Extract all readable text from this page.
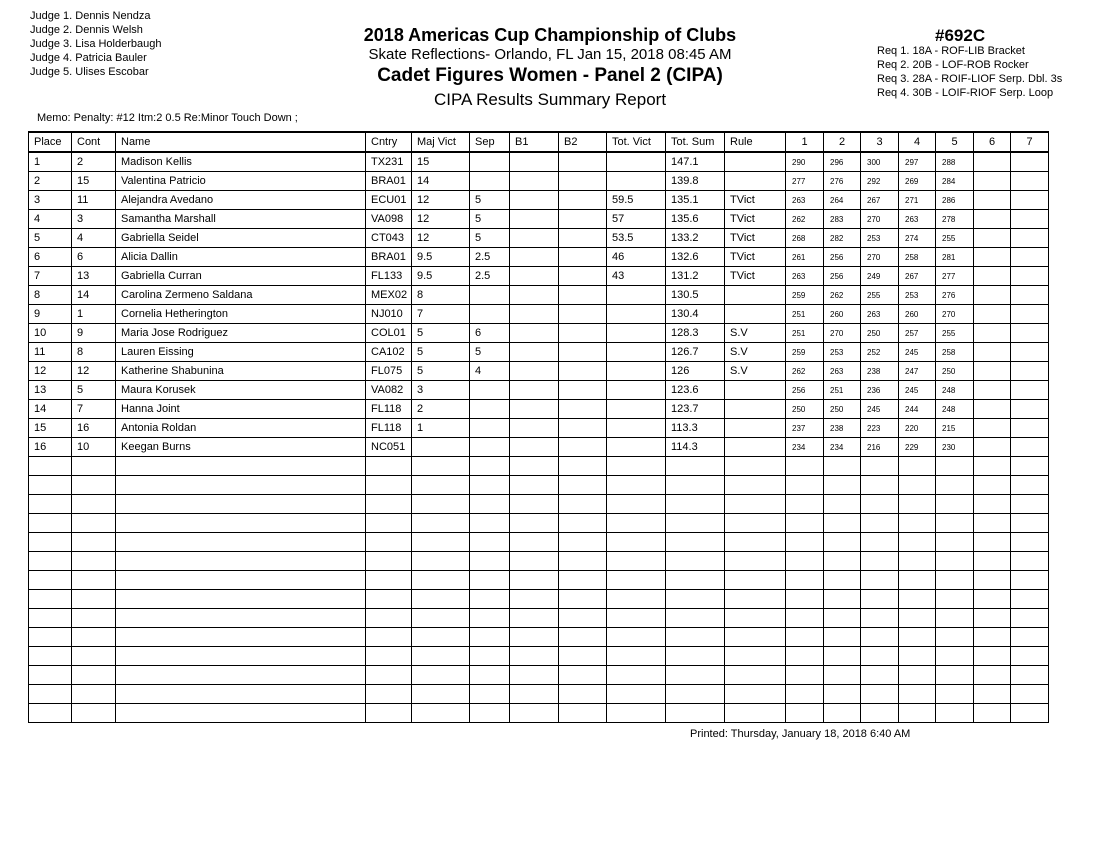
Judge 1. Dennis Nendza
Judge 2. Dennis Welsh
Judge 3. Lisa Holderbaugh
Judge 4. Patricia Bauler
Judge 5. Ulises Escobar
2018 Americas Cup Championship of Clubs
Skate Reflections- Orlando, FL Jan 15, 2018 08:45 AM
Cadet Figures Women - Panel 2 (CIPA)
CIPA Results Summary Report
#692C
Req 1. 18A - ROF-LIB Bracket
Req 2. 20B - LOF-ROB Rocker
Req 3. 28A - ROIF-LIOF Serp. Dbl. 3s
Req 4. 30B - LOIF-RIOF Serp. Loop
Memo: Penalty: #12 Itm:2 0.5 Re:Minor Touch Down ;
Place	Cont	Name	Cntry	Maj Vict	Sep	B1	B2	Tot. Vict	Tot. Sum	Rule	1	2	3	4	5	6	7
1	2	Madison Kellis	TX231	15					147.1		290	296	300	297	288		
2	15	Valentina Patricio	BRA01	14					139.8		277	276	292	269	284		
3	11	Alejandra Avedano	ECU01	12	5			59.5	135.1	TVict	263	264	267	271	286		
4	3	Samantha Marshall	VA098	12	5			57	135.6	TVict	262	283	270	263	278		
5	4	Gabriella Seidel	CT043	12	5			53.5	133.2	TVict	268	282	253	274	255		
6	6	Alicia Dallin	BRA01	9.5	2.5			46	132.6	TVict	261	256	270	258	281		
7	13	Gabriella Curran	FL133	9.5	2.5			43	131.2	TVict	263	256	249	267	277		
8	14	Carolina Zermeno Saldana	MEX02	8					130.5		259	262	255	253	276		
9	1	Cornelia Hetherington	NJ010	7					130.4		251	260	263	260	270		
10	9	Maria Jose Rodriguez	COL01	5	6				128.3	S.V	251	270	250	257	255		
11	8	Lauren Eissing	CA102	5	5				126.7	S.V	259	253	252	245	258		
12	12	Katherine Shabunina	FL075	5	4				126	S.V	262	263	238	247	250		
13	5	Maura Korusek	VA082	3					123.6		256	251	236	245	248		
14	7	Hanna Joint	FL118	2					123.7		250	250	245	244	248		
15	16	Antonia Roldan	FL118	1					113.3		237	238	223	220	215		
16	10	Keegan Burns	NC051						114.3		234	234	216	229	230		

Printed: Thursday, January 18, 2018 6:40 AM
